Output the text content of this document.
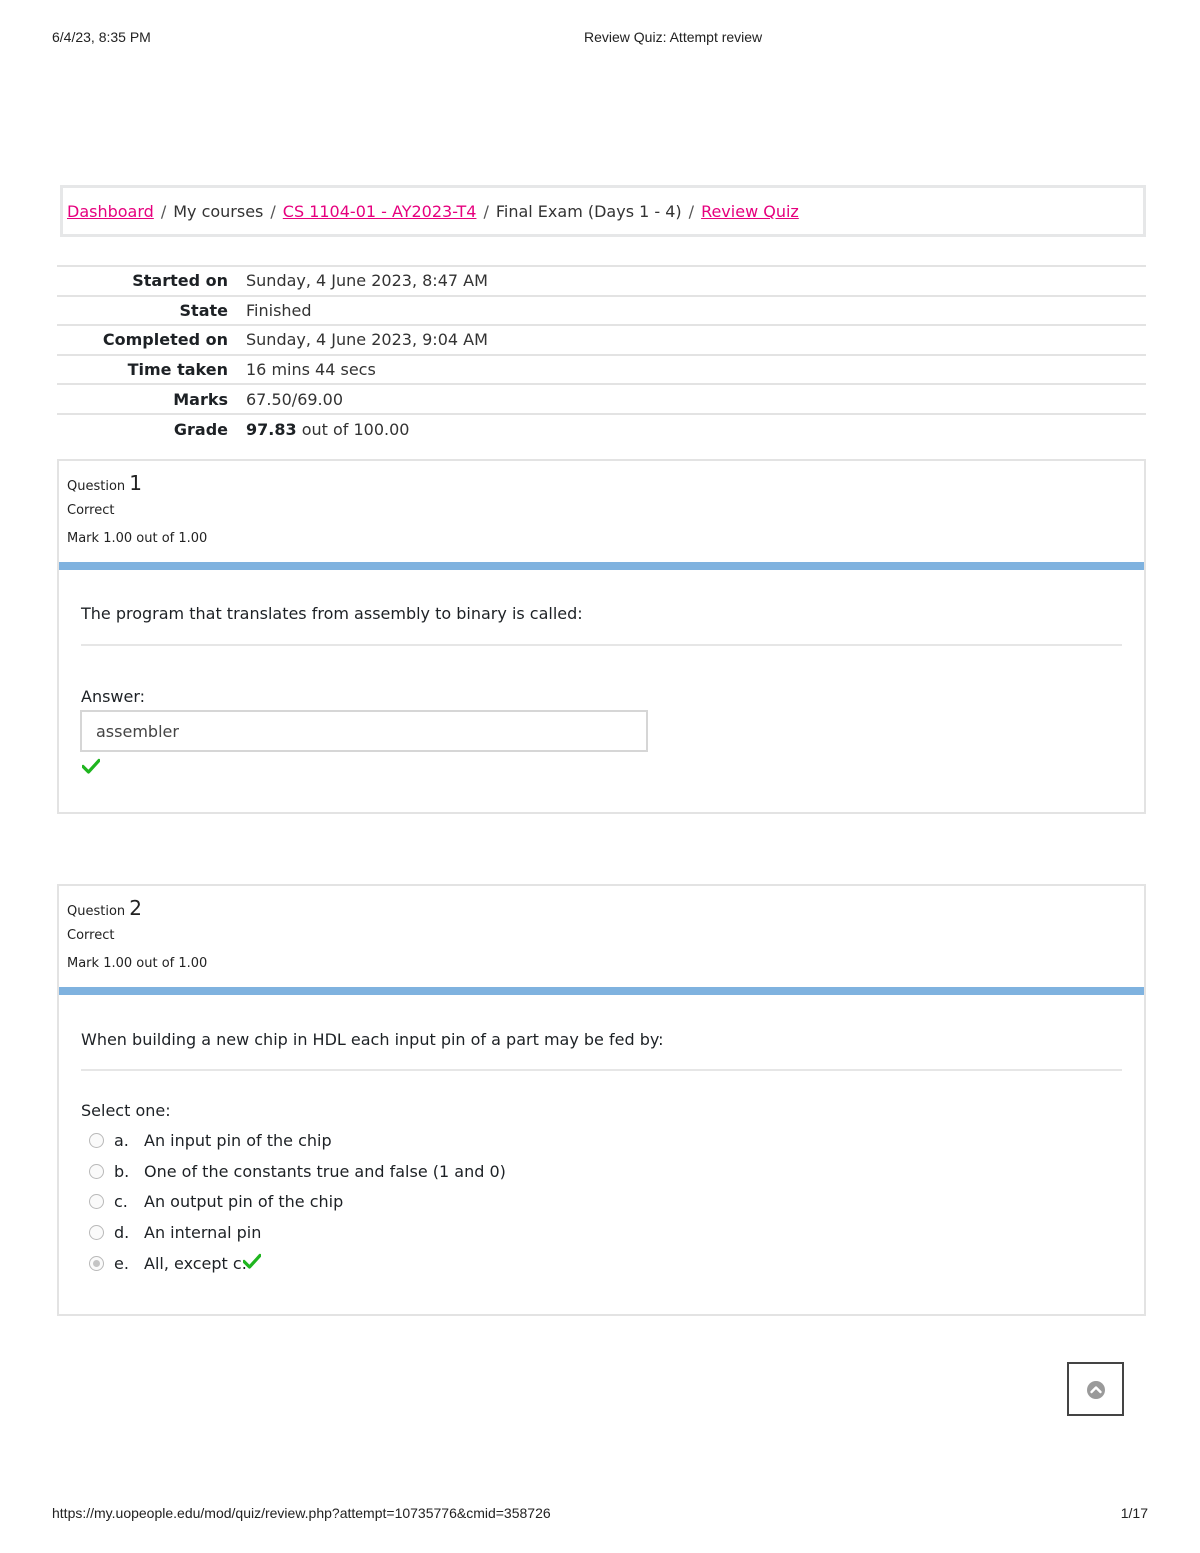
6/4/23, 8:35 PM	Review Quiz: Attempt review
Dashboard / My courses / CS 1104-01 - AY2023-T4 / Final Exam (Days 1 - 4) / Review Quiz
Started on	Sunday, 4 June 2023, 8:47 AM
State	Finished
Completed on	Sunday, 4 June 2023, 9:04 AM
Time taken	16 mins 44 secs
Marks	67.50/69.00
Grade	97.83 out of 100.00
Question 1
Correct
Mark 1.00 out of 1.00
The program that translates from assembly to binary is called:
Answer:
assembler
Question 2
Correct
Mark 1.00 out of 1.00
When building a new chip in HDL each input pin of a part may be fed by:
Select one:
a. An input pin of the chip
b. One of the constants true and false (1 and 0)
c. An output pin of the chip
d. An internal pin
e. All, except c.
https://my.uopeople.edu/mod/quiz/review.php?attempt=10735776&cmid=358726	1/17
